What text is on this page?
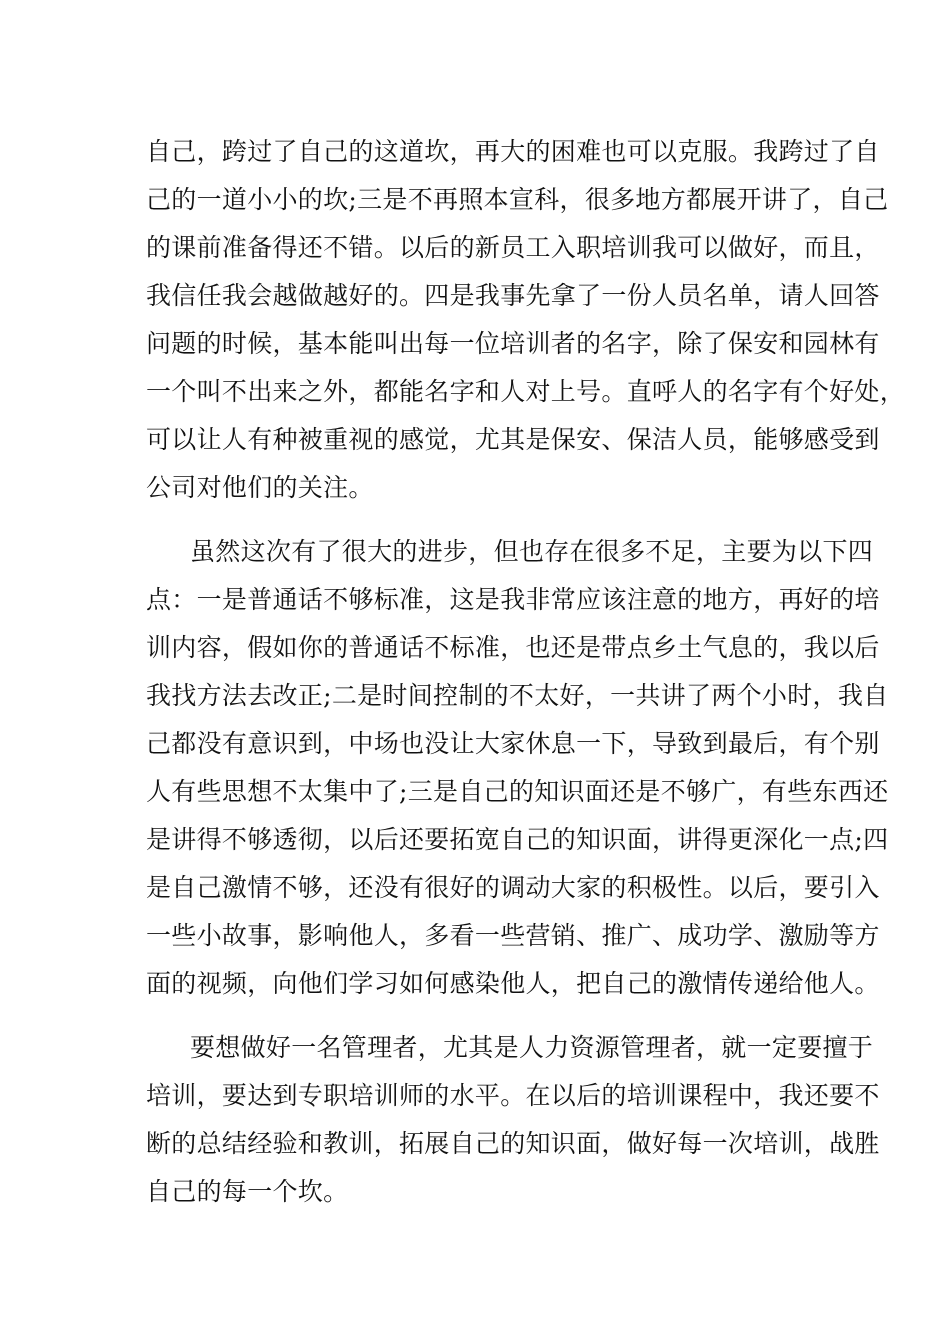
自己，跨过了自己的这道坎，再大的困难也可以克服。我跨过了自
己的一道小小的坎;三是不再照本宣科，很多地方都展开讲了，自己
的课前准备得还不错。以后的新员工入职培训我可以做好，而且，
我信任我会越做越好的。四是我事先拿了一份人员名单，请人回答
问题的时候，基本能叫出每一位培训者的名字，除了保安和园林有
一个叫不出来之外，都能名字和人对上号。直呼人的名字有个好处，
可以让人有种被重视的感觉，尤其是保安、保洁人员，能够感受到
公司对他们的关注。
虽然这次有了很大的进步，但也存在很多不足，主要为以下四
点：一是普通话不够标准，这是我非常应该注意的地方，再好的培
训内容，假如你的普通话不标准，也还是带点乡土气息的，我以后
我找方法去改正;二是时间控制的不太好，一共讲了两个小时，我自
己都没有意识到，中场也没让大家休息一下，导致到最后，有个别
人有些思想不太集中了;三是自己的知识面还是不够广，有些东西还
是讲得不够透彻，以后还要拓宽自己的知识面，讲得更深化一点;四
是自己激情不够，还没有很好的调动大家的积极性。以后，要引入
一些小故事，影响他人，多看一些营销、推广、成功学、激励等方
面的视频，向他们学习如何感染他人，把自己的激情传递给他人。
要想做好一名管理者，尤其是人力资源管理者，就一定要擅于
培训，要达到专职培训师的水平。在以后的培训课程中，我还要不
断的总结经验和教训，拓展自己的知识面，做好每一次培训，战胜
自己的每一个坎。
